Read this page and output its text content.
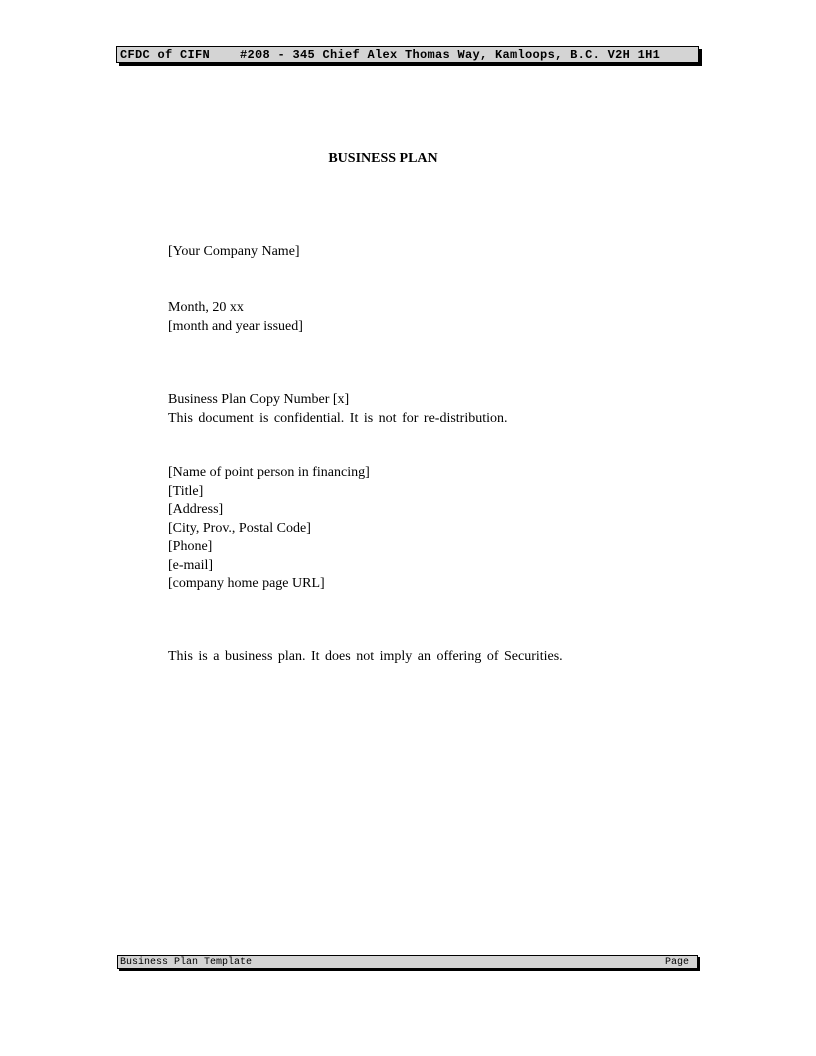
CFDC of CIFN	#208 - 345 Chief Alex Thomas Way, Kamloops, B.C. V2H 1H1
BUSINESS PLAN
[Your Company Name]
Month, 20 xx
[month and year issued]
Business Plan Copy Number [x]
This document is confidential. It is not for re-distribution.
[Name of point person in financing]
[Title]
[Address]
[City, Prov., Postal Code]
[Phone]
[e-mail]
[company home page URL]
This is a business plan. It does not imply an offering of Securities.
Business Plan Template	Page
